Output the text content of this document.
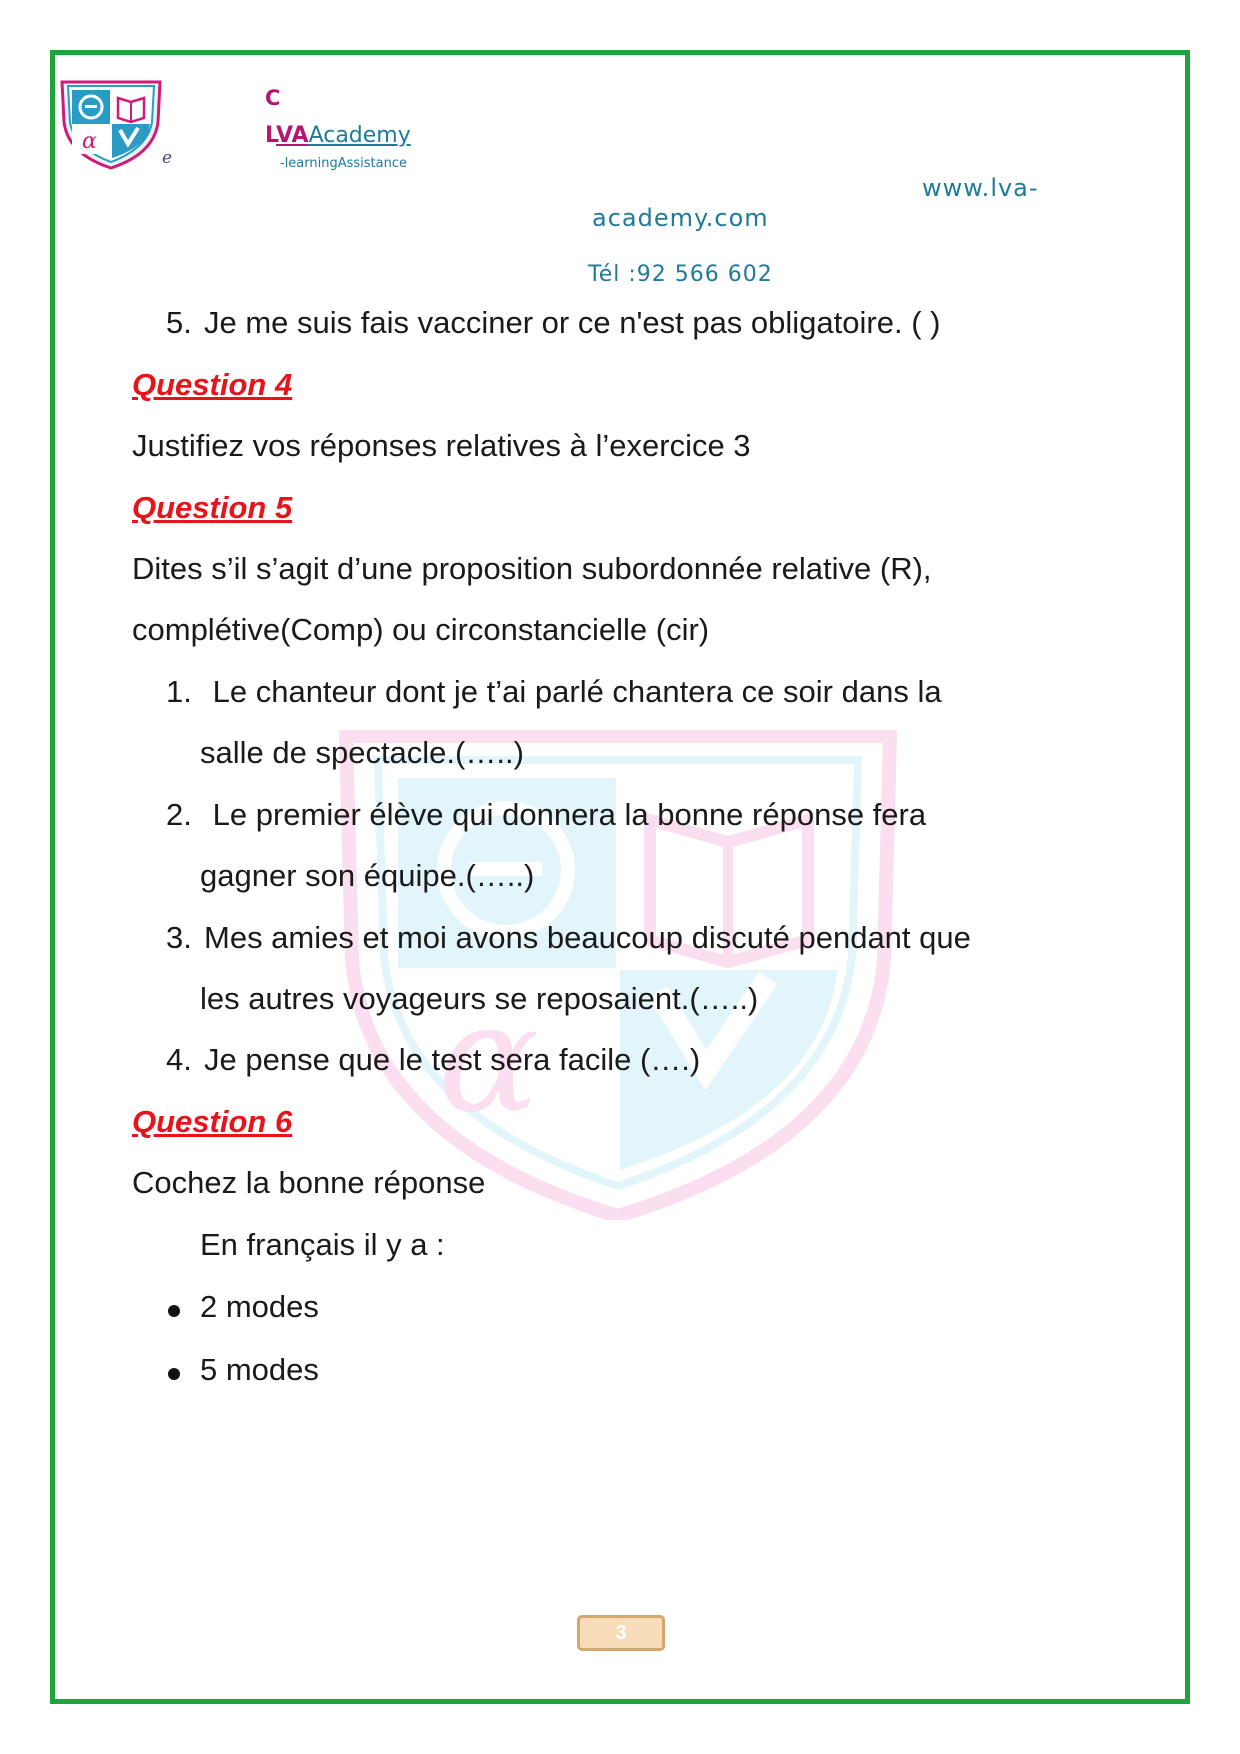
α
e
C
LVAAcademy
-learningAssistance
www.lva-
academy.com
Tél :92 566 602
α
5. Je me suis fais vacciner or ce n'est pas obligatoire. ( )
Question 4
Justifiez vos réponses relatives à l’exercice 3
Question 5
Dites s’il s’agit d’une proposition subordonnée relative (R),
complétive(Comp) ou circonstancielle (cir)
1. Le chanteur dont je t’ai parlé chantera ce soir dans la
salle de spectacle.(…..)
2. Le premier élève qui donnera la bonne réponse fera
gagner son équipe.(…..)
3. Mes amies et moi avons beaucoup discuté pendant que
les autres voyageurs se reposaient.(…..)
4. Je pense que le test sera facile (….)
Question 6
Cochez la bonne réponse
En français il y a :
2 modes
5 modes
3
